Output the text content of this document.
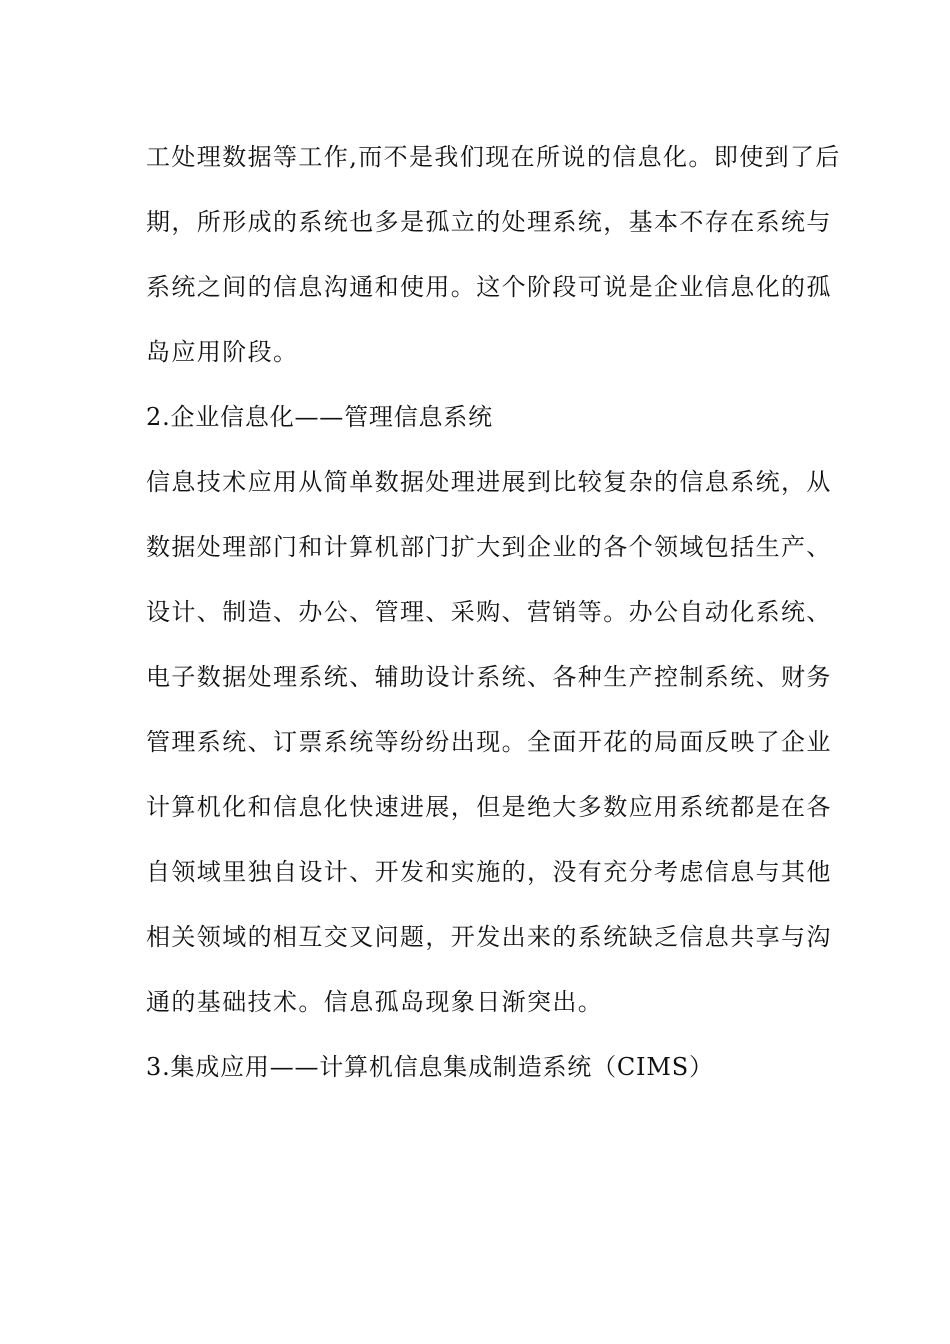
工处理数据等工作,而不是我们现在所说的信息化。即使到了后
期，所形成的系统也多是孤立的处理系统，基本不存在系统与
系统之间的信息沟通和使用。这个阶段可说是企业信息化的孤
岛应用阶段。
2.企业信息化——管理信息系统
信息技术应用从简单数据处理进展到比较复杂的信息系统，从
数据处理部门和计算机部门扩大到企业的各个领域包括生产、
设计、制造、办公、管理、采购、营销等。办公自动化系统、
电子数据处理系统、辅助设计系统、各种生产控制系统、财务
管理系统、订票系统等纷纷出现。全面开花的局面反映了企业
计算机化和信息化快速进展，但是绝大多数应用系统都是在各
自领域里独自设计、开发和实施的，没有充分考虑信息与其他
相关领域的相互交叉问题，开发出来的系统缺乏信息共享与沟
通的基础技术。信息孤岛现象日渐突出。
3.集成应用——计算机信息集成制造系统（CIMS）
